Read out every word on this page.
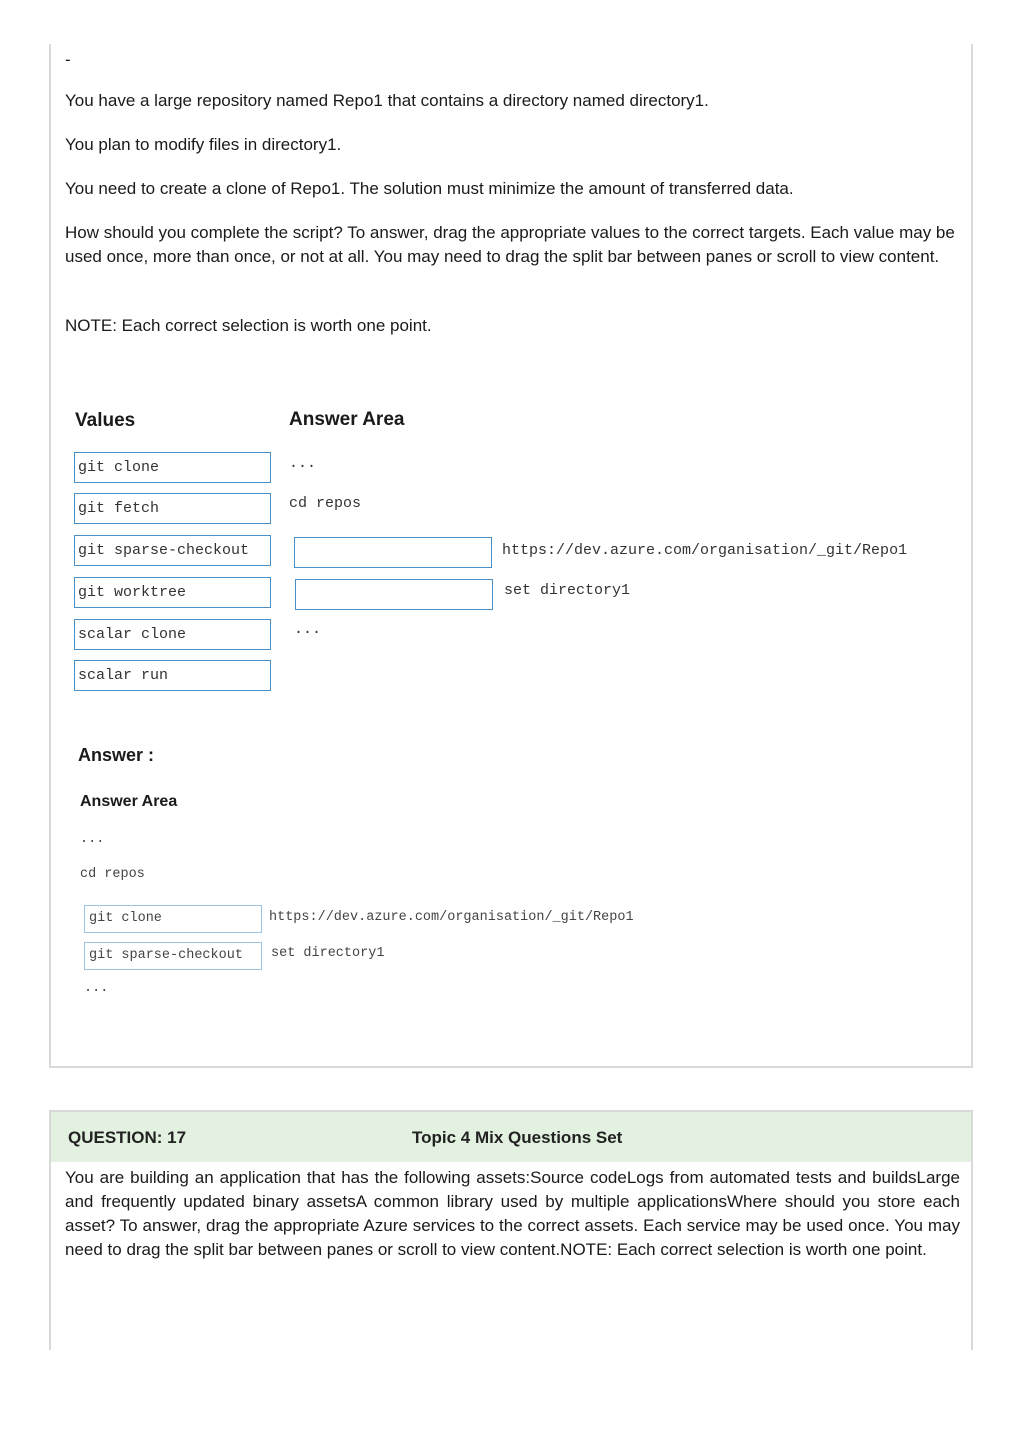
-

You have a large repository named Repo1 that contains a directory named directory1.

You plan to modify files in directory1.

You need to create a clone of Repo1. The solution must minimize the amount of transferred data.

How should you complete the script? To answer, drag the appropriate values to the correct targets. Each value may be used once, more than once, or not at all. You may need to drag the split bar between panes or scroll to view content.

NOTE: Each correct selection is worth one point.

Values	Answer Area
git clone
git fetch
git sparse-checkout
git worktree
scalar clone
scalar run
...
cd repos
https://dev.azure.com/organisation/_git/Repo1
set directory1
...
Answer :
Answer Area
...
cd repos
git clone	https://dev.azure.com/organisation/_git/Repo1
git sparse-checkout	set directory1
...
QUESTION: 17	Topic 4 Mix Questions Set

You are building an application that has the following assets:Source codeLogs from automated tests and buildsLarge and frequently updated binary assetsA common library used by multiple applicationsWhere should you store each asset? To answer, drag the appropriate Azure services to the correct assets. Each service may be used once. You may need to drag the split bar between panes or scroll to view content.NOTE: Each correct selection is worth one point.
